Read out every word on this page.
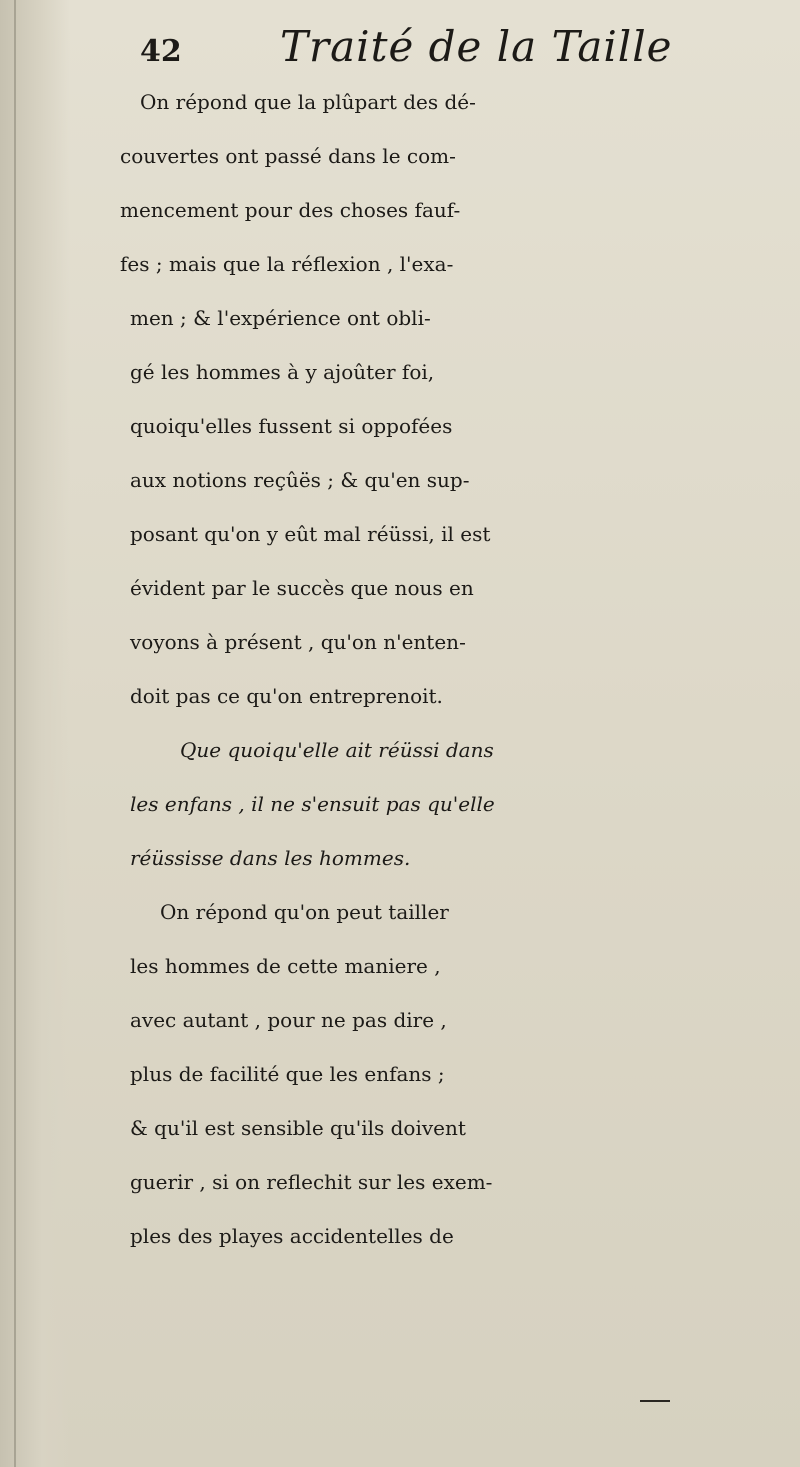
42 Traité de la Taille
On répond que la plûpart des dé-
couvertes ont passé dans le com-
mencement pour des choses fauf-
fes ; mais que la réflexion , l'exa-
men ; & l'expérience ont obli-
gé les hommes à y ajoûter foi,
quoiqu'elles fussent si oppofées
aux notions reçûës ; & qu'en sup-
posant qu'on y eût mal réüssi, il est
évident par le succès que nous en
voyons à présent , qu'on n'enten-
doit pas ce qu'on entreprenoit.
Que quoiqu'elle ait réüssi dans
les enfans , il ne s'ensuit pas qu'elle
réüssisse dans les hommes.
On répond qu'on peut tailler
les hommes de cette maniere ,
avec autant , pour ne pas dire ,
plus de facilité que les enfans ;
& qu'il est sensible qu'ils doivent
guerir , si on reflechit sur les exem-
ples des playes accidentelles de
